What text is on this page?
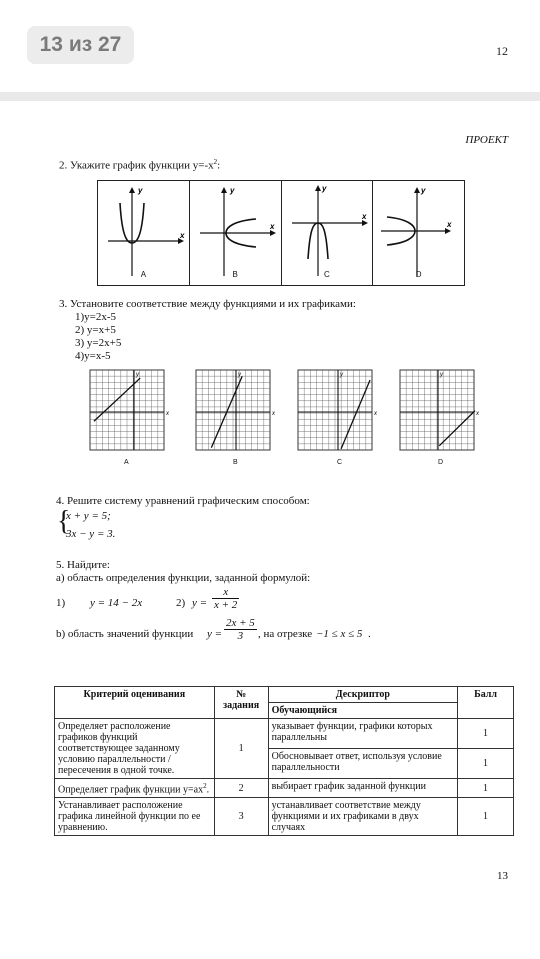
13 из 27	12
ПРОЕКТ
2. Укажите график функции $y=-x^2$:
y
x
A
y
x
B
y
x
C
y
x
D
3. Установите соответствие между функциями и их графиками:
1)y=2x-5
2) y=x+5
3) y=2x+5
4)y=x-5
x
y
x
y
x
y
x
y
A	B	C	D
4. Решите систему уравнений графическим способом:
{
x + y = 5;
3x − y = 3.
5. Найдите:
а) область определения функции, заданной формулой:
1) y = 14 − 2x	2) $y = \frac{x}{x + 2}$
b) область значений функции $y = \frac{2x + 5}{3}$ , на отрезке −1 ≤ x ≤ 5 .
Критерий оценивания	№ задания	Дескриптор	Балл
		Обучающийся	
Определяет расположение графиков функций соответствующее заданному условию параллельности / пересечения в одной точке.	1	указывает функции, графики которых параллельны	1
		Обосновывает ответ, используя условие параллельности	1
Определяет график функции $y=ax^2$.	2	выбирает график заданной функции	1
Устанавливает расположение графика линейной функции по ее уравнению.	3	устанавливает соответствие между функциями и их графиками в двух случаях	1
13
